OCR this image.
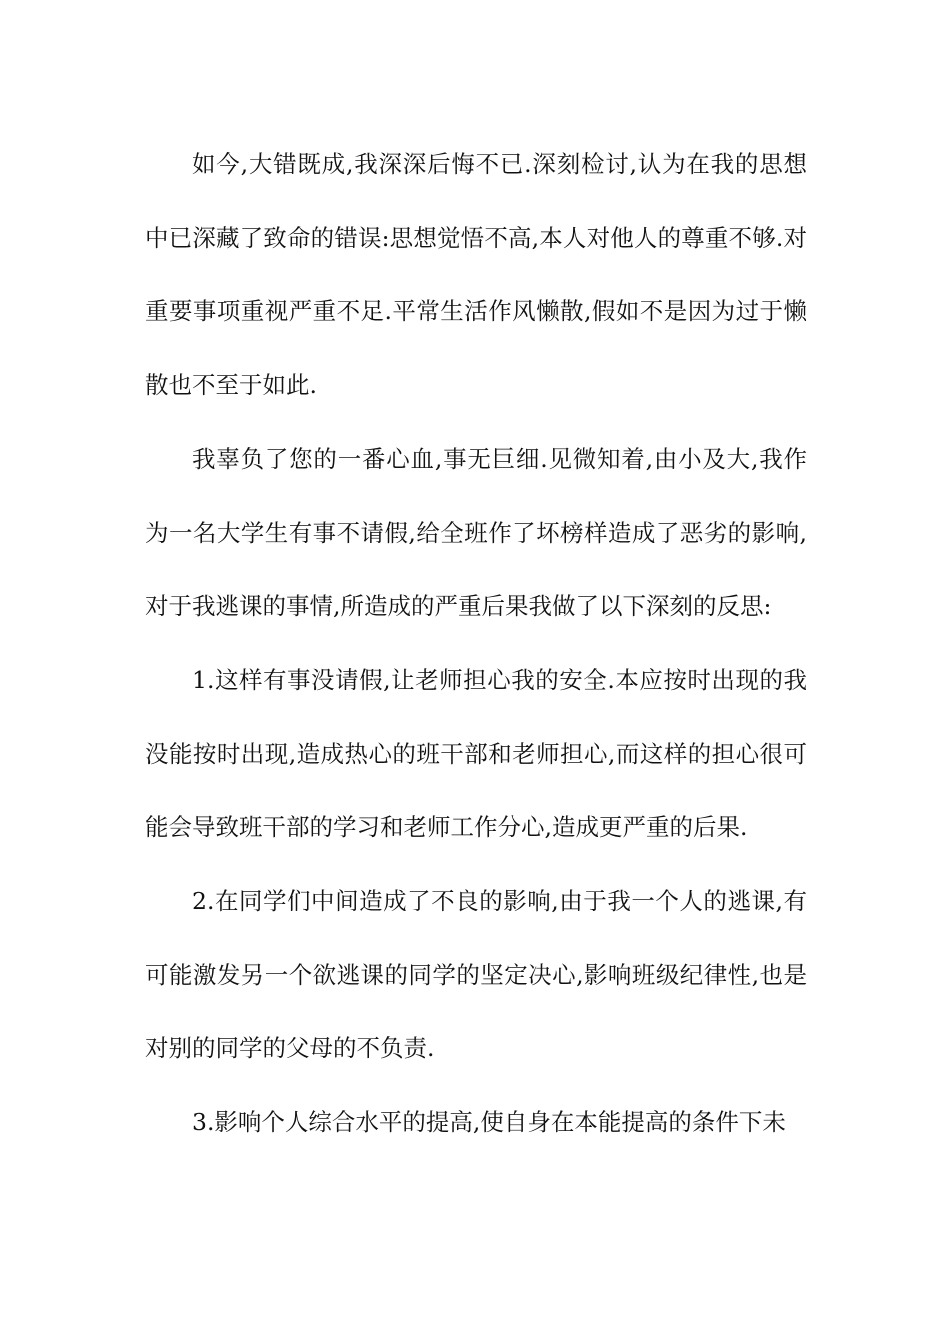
如今,大错既成,我深深后悔不已.深刻检讨,认为在我的思想中已深藏了致命的错误:思想觉悟不高,本人对他人的尊重不够.对重要事项重视严重不足.平常生活作风懒散,假如不是因为过于懒散也不至于如此.

我辜负了您的一番心血,事无巨细.见微知着,由小及大,我作为一名大学生有事不请假,给全班作了坏榜样造成了恶劣的影响,对于我逃课的事情,所造成的严重后果我做了以下深刻的反思:

1.这样有事没请假,让老师担心我的安全.本应按时出现的我没能按时出现,造成热心的班干部和老师担心,而这样的担心很可能会导致班干部的学习和老师工作分心,造成更严重的后果.

2.在同学们中间造成了不良的影响,由于我一个人的逃课,有可能激发另一个欲逃课的同学的坚定决心,影响班级纪律性,也是对别的同学的父母的不负责.

3.影响个人综合水平的提高,使自身在本能提高的条件下未
